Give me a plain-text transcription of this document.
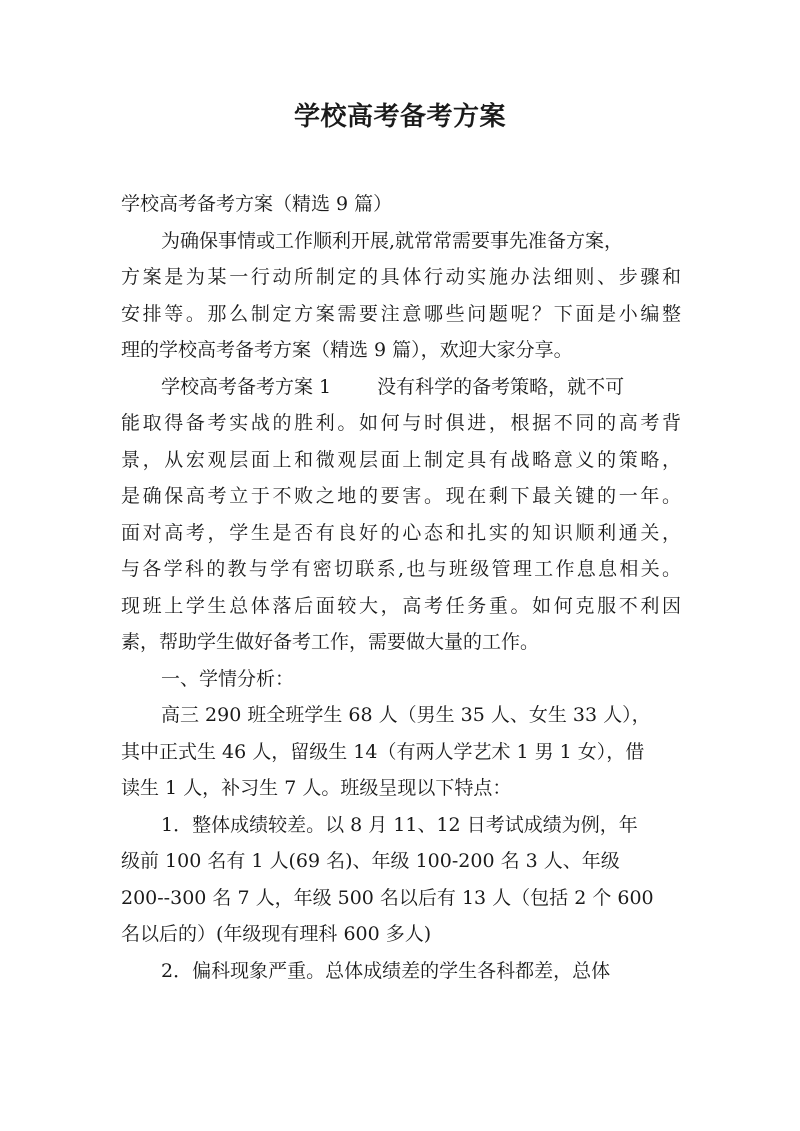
学校高考备考方案
学校高考备考方案（精选 9 篇）
为确保事情或工作顺利开展,就常常需要事先准备方案，
方案是为某一行动所制定的具体行动实施办法细则、步骤和
安排等。那么制定方案需要注意哪些问题呢？下面是小编整
理的学校高考备考方案（精选 9 篇），欢迎大家分享。
学校高考备考方案 1 没有科学的备考策略，就不可
能取得备考实战的胜利。如何与时俱进，根据不同的高考背
景，从宏观层面上和微观层面上制定具有战略意义的策略，
是确保高考立于不败之地的要害。现在剩下最关键的一年。
面对高考，学生是否有良好的心态和扎实的知识顺利通关，
与各学科的教与学有密切联系,也与班级管理工作息息相关。
现班上学生总体落后面较大，高考任务重。如何克服不利因
素，帮助学生做好备考工作，需要做大量的工作。
一、学情分析：
高三 290 班全班学生 68 人（男生 35 人、女生 33 人），
其中正式生 46 人，留级生 14（有两人学艺术 1 男 1 女），借
读生 1 人，补习生 7 人。班级呈现以下特点：
1．整体成绩较差。以 8 月 11、12 日考试成绩为例，年
级前 100 名有 1 人(69 名)、年级 100-200 名 3 人、年级
200--300 名 7 人，年级 500 名以后有 13 人（包括 2 个 600
名以后的）(年级现有理科 600 多人)
2．偏科现象严重。总体成绩差的学生各科都差，总体
